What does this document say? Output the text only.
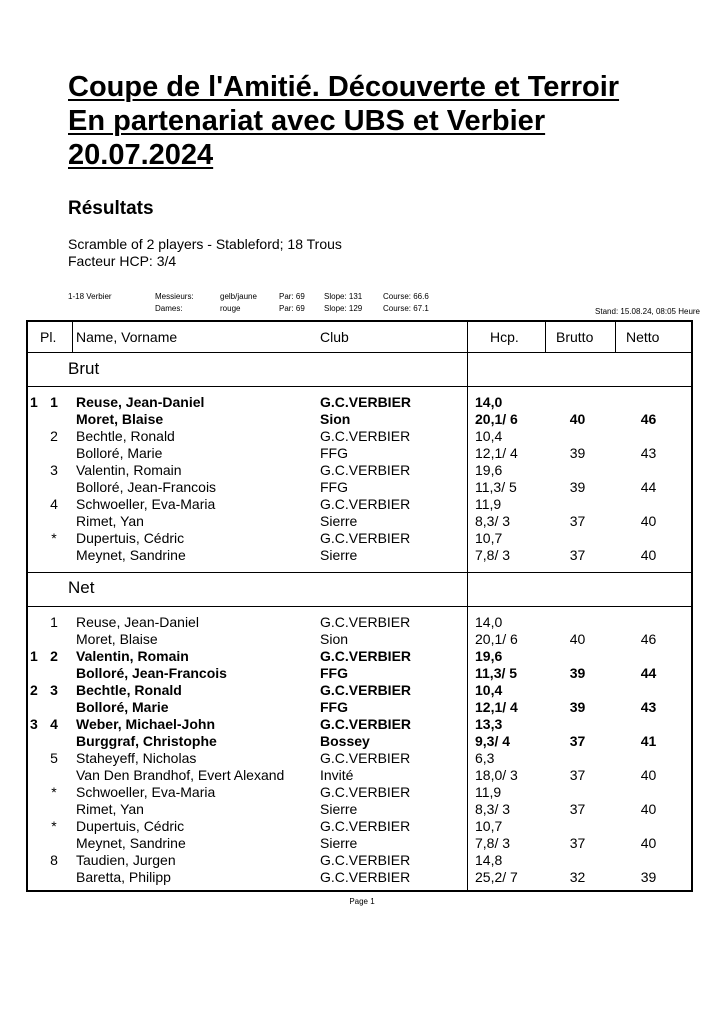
Coupe de l'Amitié. Découverte et Terroir
En partenariat avec UBS et Verbier
20.07.2024
Résultats
Scramble of 2 players - Stableford; 18 Trous
Facteur HCP: 3/4
1-18 Verbier	Messieurs:	gelb/jaune	Par: 69 Slope: 131	Course: 66.6
Dames:	rouge	Par: 69 Slope: 129	Course: 67.1	Stand: 15.08.24, 08:05 Heure
Pl. Name, Vorname	Club	Hcp.	Brutto Netto
Brut
1 1 Reuse, Jean-Daniel	G.C.VERBIER	14,0
Moret, Blaise	Sion	20,1/ 6	40	46
2 Bechtle, Ronald	G.C.VERBIER	10,4
Bolloré, Marie	FFG	12,1/ 4	39	43
3 Valentin, Romain	G.C.VERBIER	19,6
Bolloré, Jean-Francois	FFG	11,3/ 5	39	44
4 Schwoeller, Eva-Maria	G.C.VERBIER	11,9
Rimet, Yan	Sierre	8,3/ 3	37	40
* Dupertuis, Cédric	G.C.VERBIER	10,7
Meynet, Sandrine	Sierre	7,8/ 3	37	40
Net
1 Reuse, Jean-Daniel	G.C.VERBIER	14,0
Moret, Blaise	Sion	20,1/ 6	40	46
1 2 Valentin, Romain	G.C.VERBIER	19,6
Bolloré, Jean-Francois	FFG	11,3/ 5	39	44
2 3 Bechtle, Ronald	G.C.VERBIER	10,4
Bolloré, Marie	FFG	12,1/ 4	39	43
3 4 Weber, Michael-John	G.C.VERBIER	13,3
Burggraf, Christophe	Bossey	9,3/ 4	37	41
5 Staheyeff, Nicholas	G.C.VERBIER	6,3
Van Den Brandhof, Evert Alexand	Invité	18,0/ 3	37	40
* Schwoeller, Eva-Maria	G.C.VERBIER	11,9
Rimet, Yan	Sierre	8,3/ 3	37	40
* Dupertuis, Cédric	G.C.VERBIER	10,7
Meynet, Sandrine	Sierre	7,8/ 3	37	40
8 Taudien, Jurgen	G.C.VERBIER	14,8
Baretta, Philipp	G.C.VERBIER	25,2/ 7	32	39
Page 1
